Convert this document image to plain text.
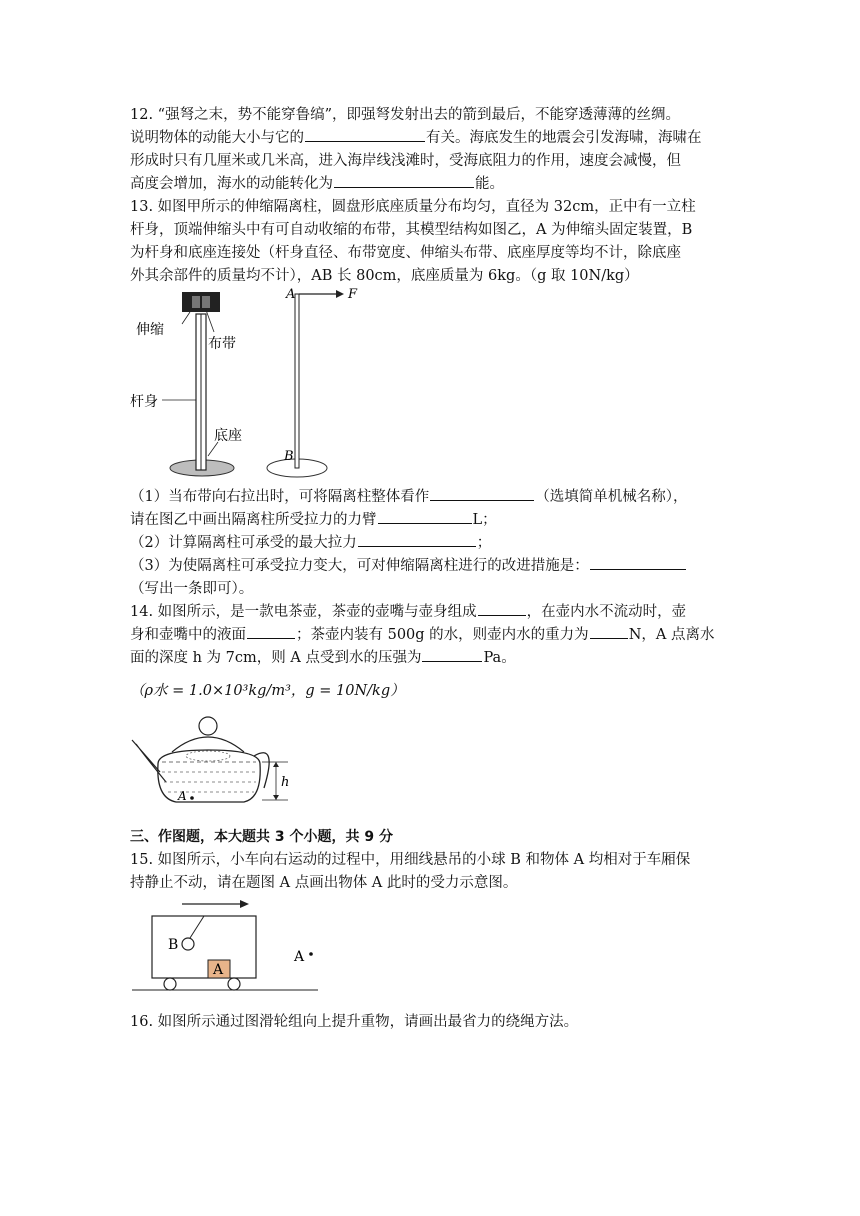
12. “强弩之末，势不能穿鲁缟”，即强弩发射出去的箭到最后，不能穿透薄薄的丝绸。
说明物体的动能大小与它的	有关。海底发生的地震会引发海啸，海啸在
形成时只有几厘米或几米高，进入海岸线浅滩时，受海底阻力的作用，速度会减慢，但
高度会增加，海水的动能转化为	能。
13. 如图甲所示的伸缩隔离柱，圆盘形底座质量分布均匀，直径为 32cm，正中有一立柱
杆身，顶端伸缩头中有可自动收缩的布带，其模型结构如图乙，A 为伸缩头固定装置，B
为杆身和底座连接处（杆身直径、布带宽度、伸缩头布带、底座厚度等均不计，除底座
外其余部件的质量均不计），AB 长 80cm，底座质量为 6kg。（g 取 10N/kg）
伸缩
布带
杆身
底座
A	F
B
（1）当布带向右拉出时，可将隔离柱整体看作	（选填简单机械名称），
请在图乙中画出隔离柱所受拉力的力臂	L；
（2）计算隔离柱可承受的最大拉力	；
（3）为使隔离柱可承受拉力变大，可对伸缩隔离柱进行的改进措施是：
（写出一条即可）。
14. 如图所示，是一款电茶壶，茶壶的壶嘴与壶身组成	，在壶内水不流动时，壶
身和壶嘴中的液面	；茶壶内装有 500g 的水，则壶内水的重力为	N，A 点离水
面的深度 h 为 7cm，则 A 点受到水的压强为	Pa。
（ρ水 = 1.0×10³kg/m³，g = 10N/kg）
A
h
三、作图题，本大题共 3 个小题，共 9 分
15. 如图所示，小车向右运动的过程中，用细线悬吊的小球 B 和物体 A 均相对于车厢保
持静止不动，请在题图 A 点画出物体 A 此时的受力示意图。
B
A
A
16. 如图所示通过图滑轮组向上提升重物，请画出最省力的绕绳方法。
